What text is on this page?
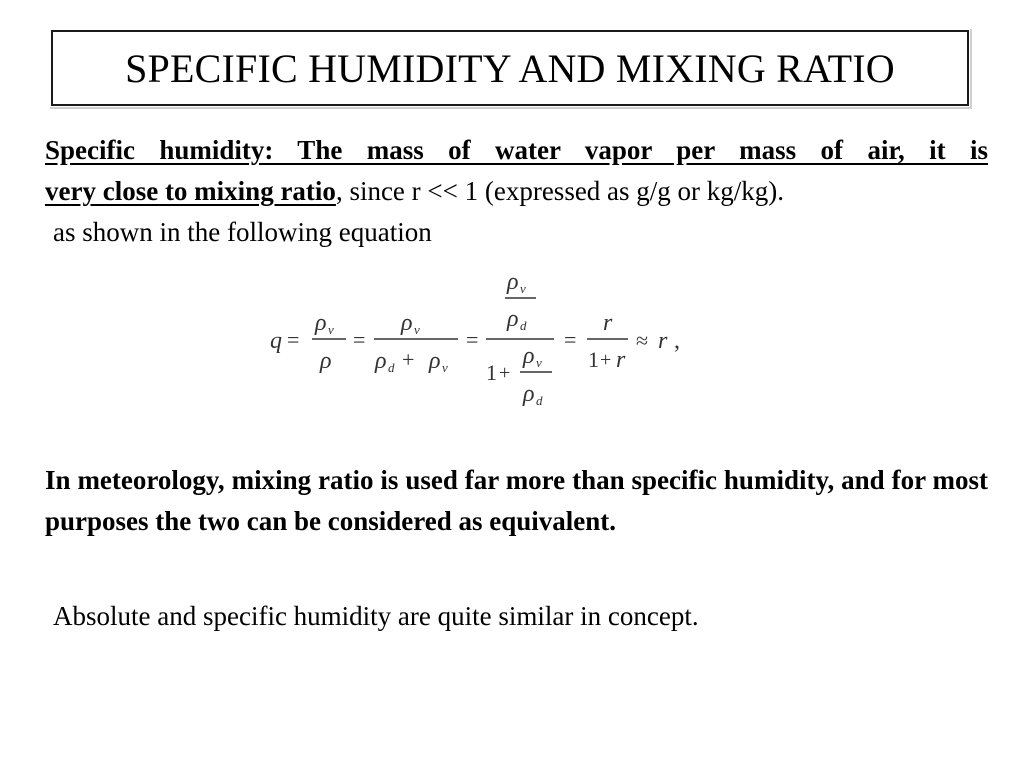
SPECIFIC HUMIDITY AND MIXING RATIO

Specific humidity: The mass of water vapor per mass of air, it is
very close to mixing ratio, since r << 1 (expressed as g/g or kg/kg).
as shown in the following equation

q =
ρ v
ρ
=
ρ v
ρ d + ρ v
=
ρ v
ρ d
1 +
ρ v
ρ d
=
r
1 + r
≈ r ,

In meteorology, mixing ratio is used far more than specific humidity, and for most purposes the two can be considered as equivalent.

Absolute and specific humidity are quite similar in concept.
